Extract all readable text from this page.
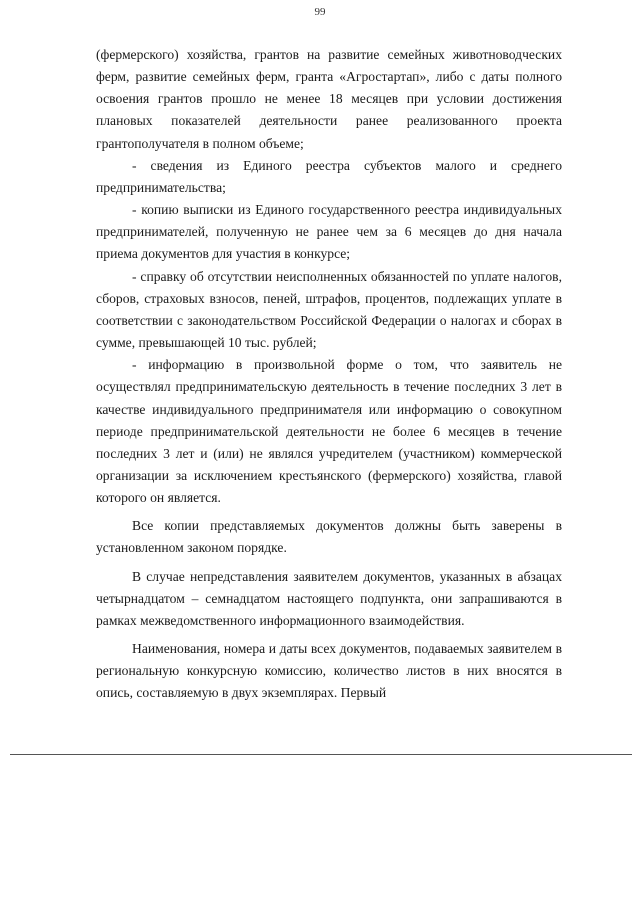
99

(фермерского) хозяйства, грантов на развитие семейных животноводческих ферм, развитие семейных ферм, гранта «Агростартап», либо с даты полного освоения грантов прошло не менее 18 месяцев при условии достижения плановых показателей деятельности ранее реализованного проекта грантополучателя в полном объеме;

- сведения из Единого реестра субъектов малого и среднего предпринимательства;

- копию выписки из Единого государственного реестра индивидуальных предпринимателей, полученную не ранее чем за 6 месяцев до дня начала приема документов для участия в конкурсе;

- справку об отсутствии неисполненных обязанностей по уплате налогов, сборов, страховых взносов, пеней, штрафов, процентов, подлежащих уплате в соответствии с законодательством Российской Федерации о налогах и сборах в сумме, превышающей 10 тыс. рублей;

- информацию в произвольной форме о том, что заявитель не осуществлял предпринимательскую деятельность в течение последних 3 лет в качестве индивидуального предпринимателя или информацию о совокупном периоде предпринимательской деятельности не более 6 месяцев в течение последних 3 лет и (или) не являлся учредителем (участником) коммерческой организации за исключением крестьянского (фермерского) хозяйства, главой которого он является.

Все копии представляемых документов должны быть заверены в установленном законом порядке.

В случае непредставления заявителем документов, указанных в абзацах четырнадцатом – семнадцатом настоящего подпункта, они запрашиваются в рамках межведомственного информационного взаимодействия.

Наименования, номера и даты всех документов, подаваемых заявителем в региональную конкурсную комиссию, количество листов в них вносятся в опись, составляемую в двух экземплярах. Первый
